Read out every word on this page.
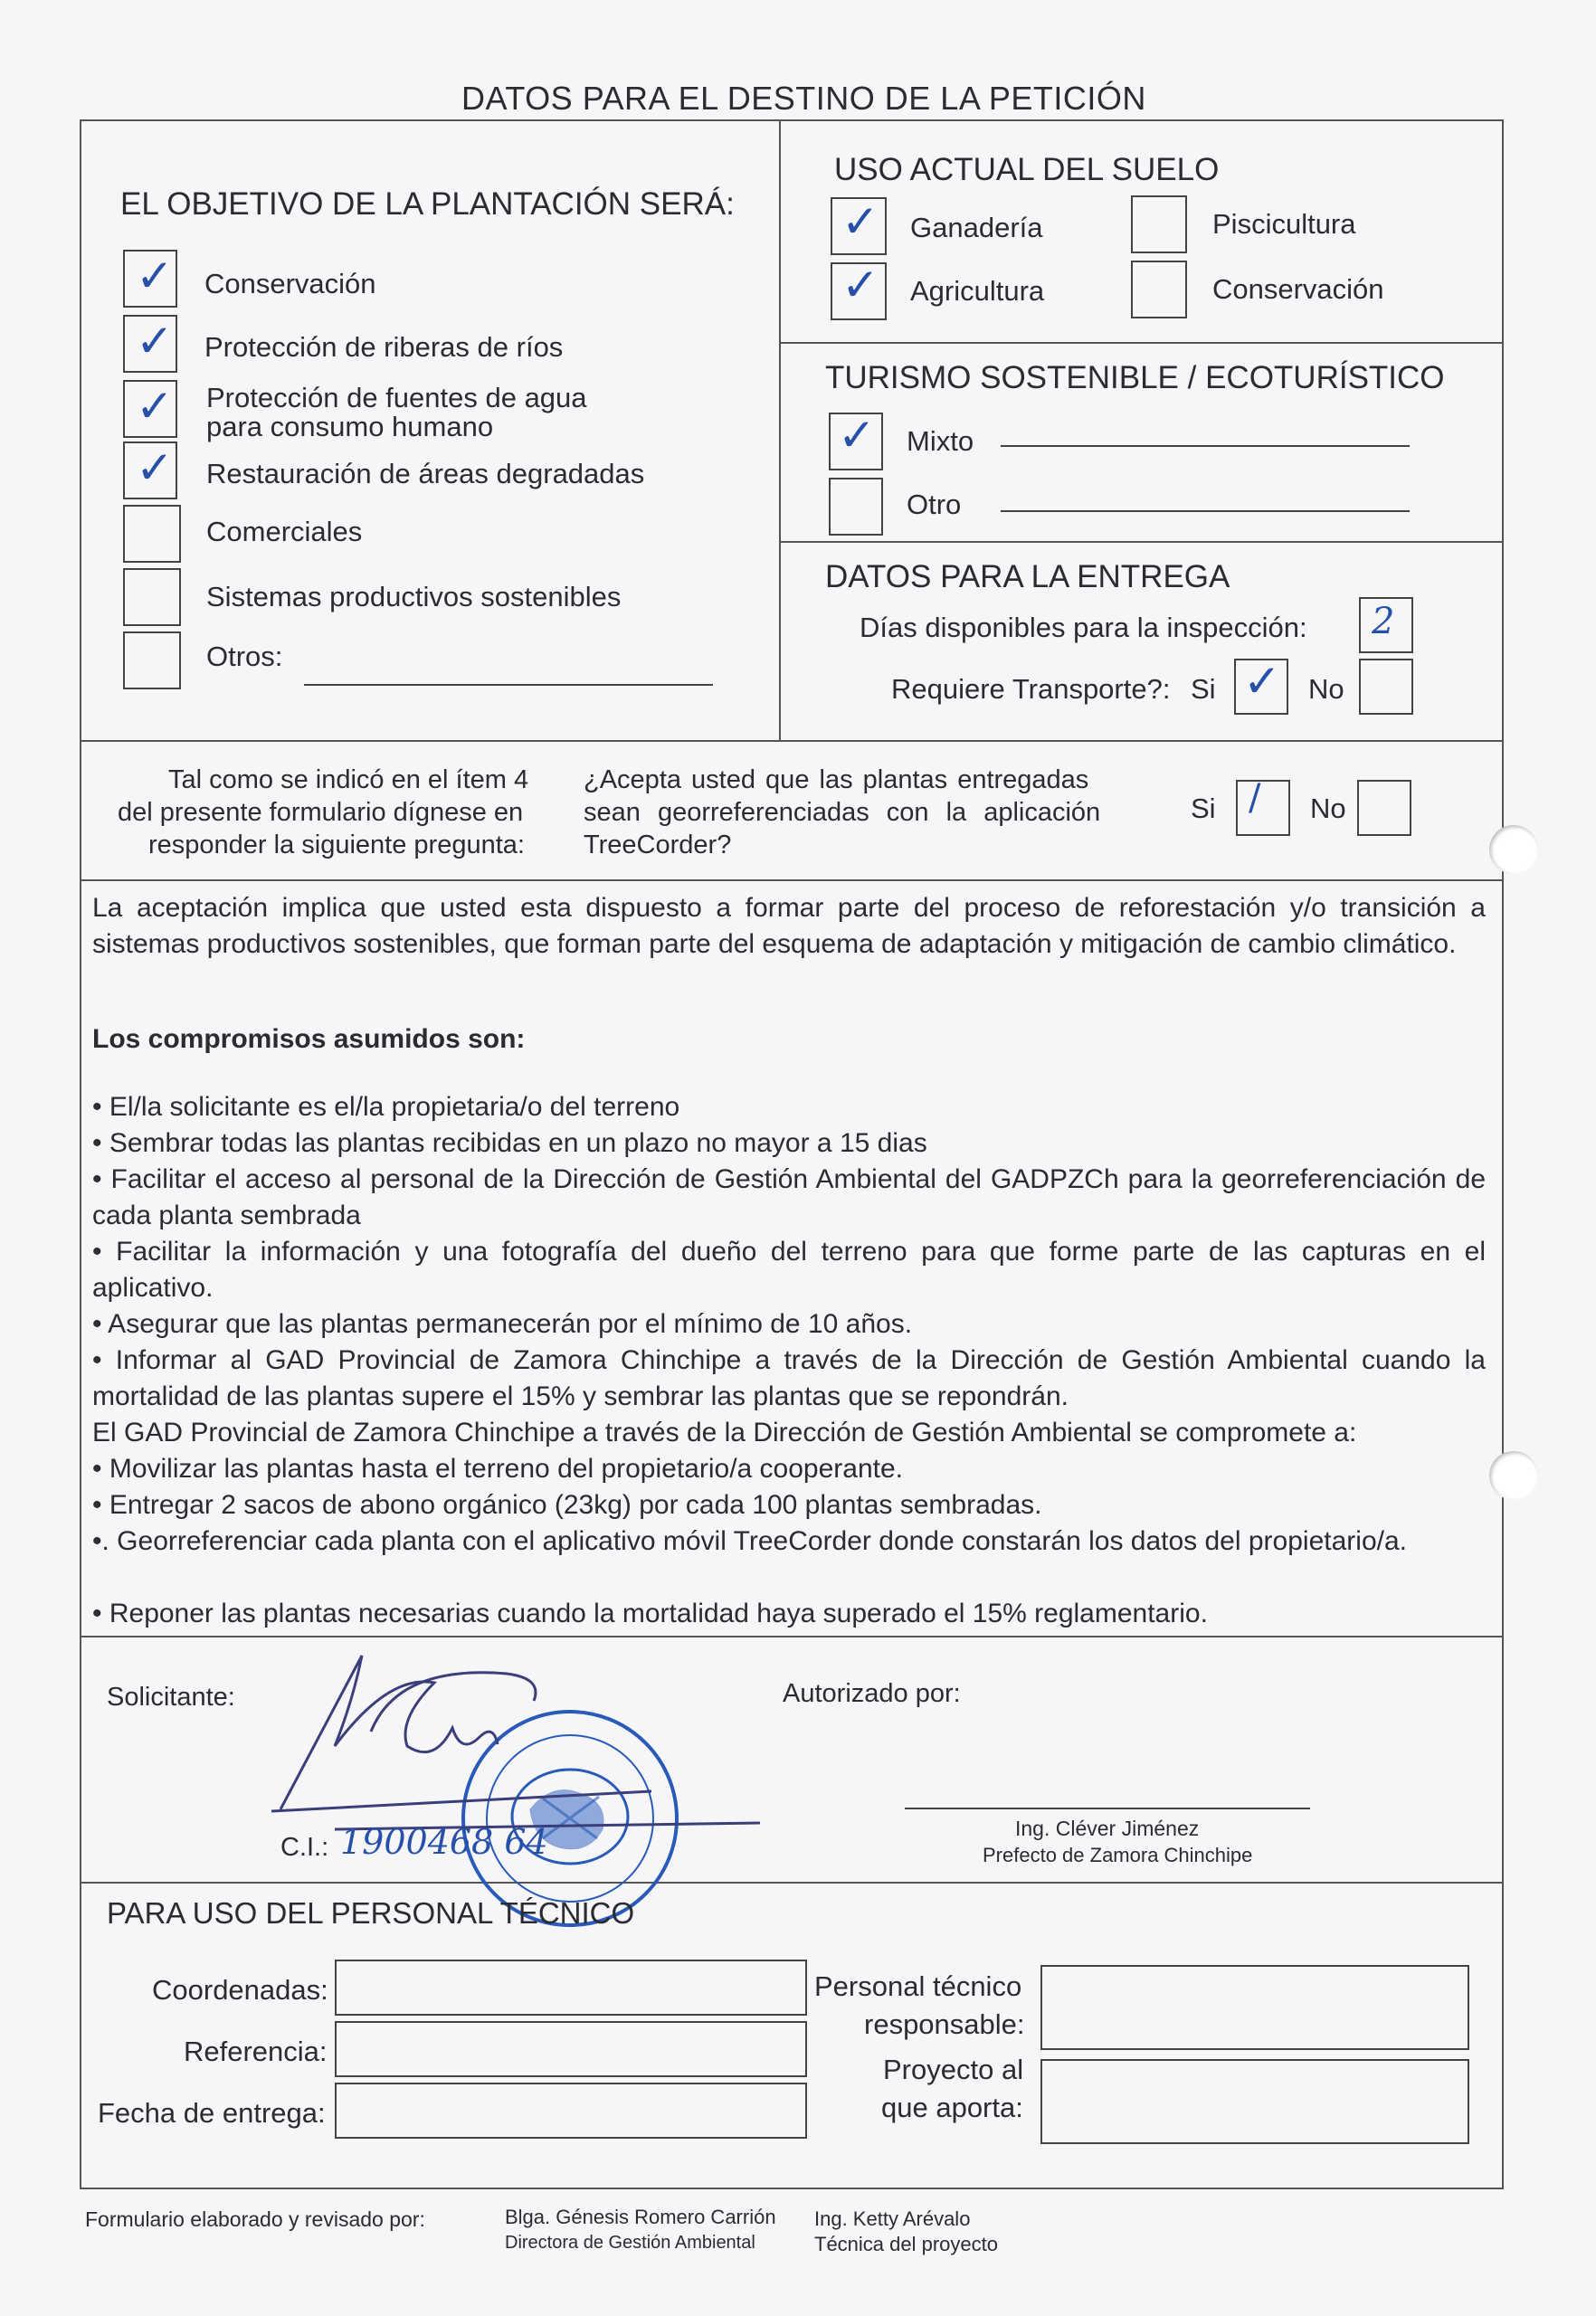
DATOS PARA EL DESTINO DE LA PETICIÓN
EL OBJETIVO DE LA PLANTACIÓN SERÁ:
✓ Conservación
✓ Protección de riberas de ríos
✓ Protección de fuentes de agua
para consumo humano
✓ Restauración de áreas degradadas
Comerciales
Sistemas productivos sostenibles
Otros:
USO ACTUAL DEL SUELO
✓ Ganadería	Piscicultura
✓ Agricultura	Conservación
TURISMO SOSTENIBLE / ECOTURÍSTICO
✓ Mixto
Otro
DATOS PARA LA ENTREGA
Días disponibles para la inspección: 2
Requiere Transporte?: Si ✓ No
Tal como se indicó en el ítem 4
del presente formulario dígnese en
responder la siguiente pregunta:
¿Acepta usted que las plantas entregadas
sean georreferenciadas con la aplicación
TreeCorder?
Si / No
La aceptación implica que usted esta dispuesto a formar parte del proceso de reforestación y/o transición a sistemas productivos sostenibles, que forman parte del esquema de adaptación y mitigación de cambio climático.
Los compromisos asumidos son:
• El/la solicitante es el/la propietaria/o del terreno
• Sembrar todas las plantas recibidas en un plazo no mayor a 15 dias
• Facilitar el acceso al personal de la Dirección de Gestión Ambiental del GADPZCh para la georreferenciación de cada planta sembrada
• Facilitar la información y una fotografía del dueño del terreno para que forme parte de las capturas en el aplicativo.
• Asegurar que las plantas permanecerán por el mínimo de 10 años.
• Informar al GAD Provincial de Zamora Chinchipe a través de la Dirección de Gestión Ambiental cuando la mortalidad de las plantas supere el 15% y sembrar las plantas que se repondrán.
El GAD Provincial de Zamora Chinchipe a través de la Dirección de Gestión Ambiental se compromete a:
• Movilizar las plantas hasta el terreno del propietario/a cooperante.
• Entregar 2 sacos de abono orgánico (23kg) por cada 100 plantas sembradas.
•. Georreferenciar cada planta con el aplicativo móvil TreeCorder donde constarán los datos del propietario/a.
• Reponer las plantas necesarias cuando la mortalidad haya superado el 15% reglamentario.
Solicitante:
C.I.: 1900468 64
Autorizado por:
Ing. Cléver Jiménez
Prefecto de Zamora Chinchipe
PARA USO DEL PERSONAL TÉCNICO
Coordenadas:
Referencia:
Fecha de entrega:
Personal técnico
responsable:
Proyecto al
que aporta:
Formulario elaborado y revisado por:	Blga. Génesis Romero Carrión
Directora de Gestión Ambiental
Ing. Ketty Arévalo
Técnica del proyecto
